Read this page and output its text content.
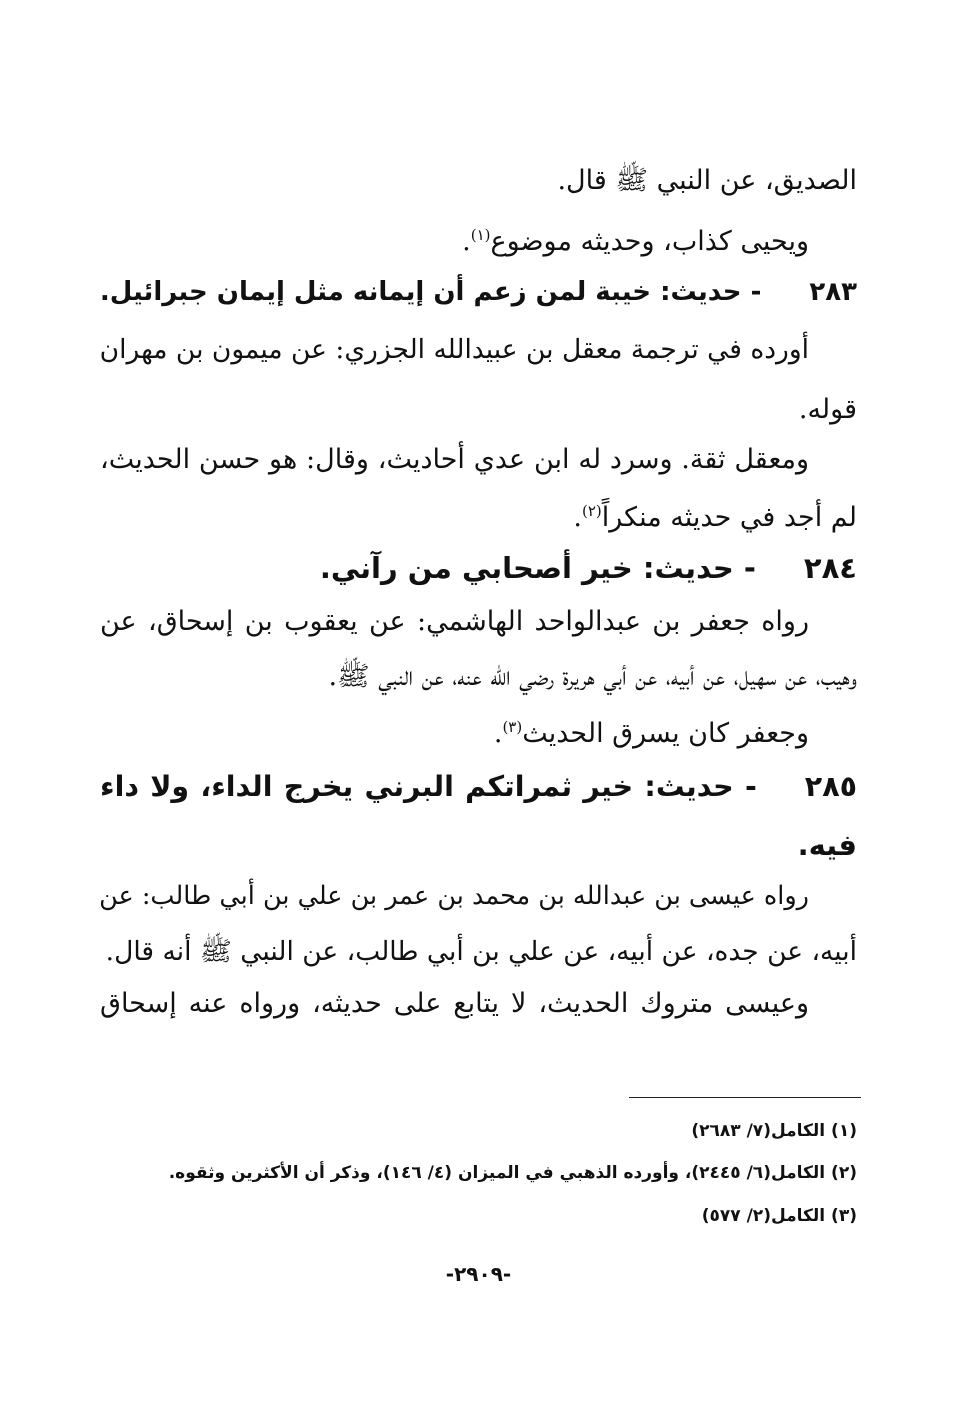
الصديق، عن النبي ﷺ قال.
ويحيى كذاب، وحديثه موضوع$^{(١)}$.
٢٨٣- حديث: خيبة لمن زعم أن إيمانه مثل إيمان جبرائيل.
أورده في ترجمة معقل بن عبيدالله الجزري: عن ميمون بن مهران
قوله.
ومعقل ثقة. وسرد له ابن عدي أحاديث، وقال: هو حسن الحديث،
لم أجد في حديثه منكراً$^{(٢)}$.
٢٨٤- حديث: خير أصحابي من رآني.
رواه جعفر بن عبدالواحد الهاشمي: عن يعقوب بن إسحاق، عن
وهيب، عن سهيل، عن أبيه، عن أبي هريرة رضي الله عنه، عن النبي ﷺ.
وجعفر كان يسرق الحديث$^{(٣)}$.
٢٨٥- حديث: خير ثمراتكم البرني يخرج الداء، ولا داء
فيه.
رواه عيسى بن عبدالله بن محمد بن عمر بن علي بن أبي طالب: عن
أبيه، عن جده، عن أبيه، عن علي بن أبي طالب، عن النبي ﷺ أنه قال.
وعيسى متروك الحديث، لا يتابع على حديثه، ورواه عنه إسحاق
(١) الكامل(٧/ ٢٦٨٣)
(٢) الكامل(٦/ ٢٤٤٥)، وأورده الذهبي في الميزان (٤/ ١٤٦)، وذكر أن الأكثرين وثقوه.
(٣) الكامل(٢/ ٥٧٧)
-٢٩٠٩-
